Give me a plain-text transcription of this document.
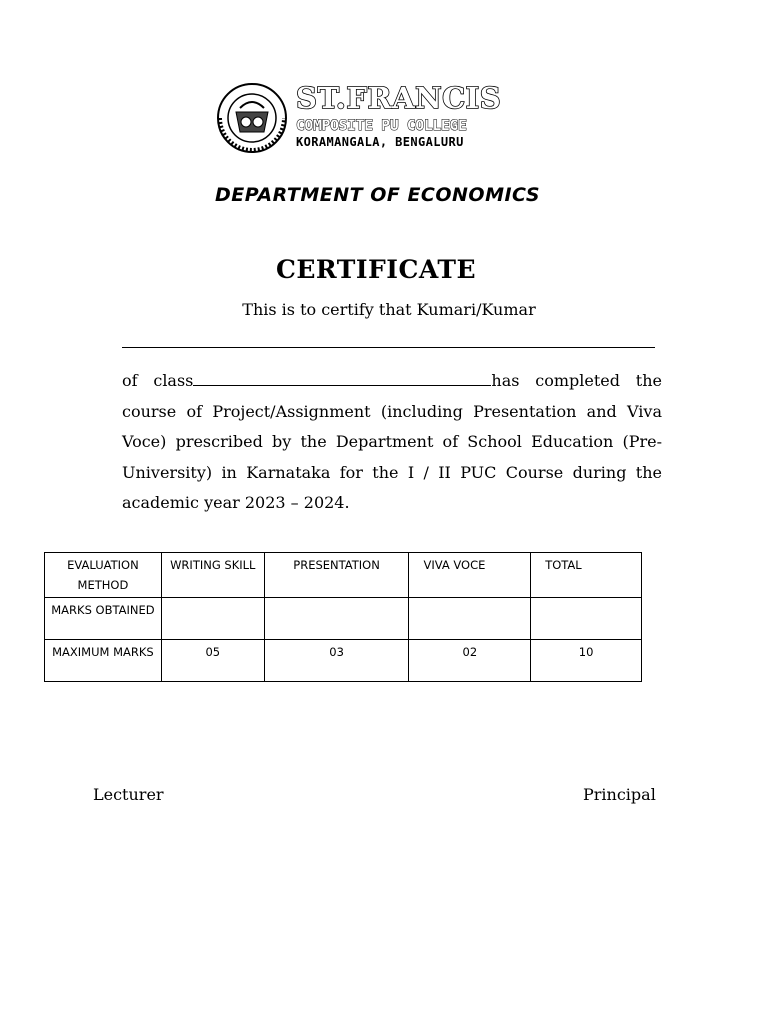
ST.FRANCIS
COMPOSITE PU COLLEGE
KORAMANGALA, BENGALURU
DEPARTMENT OF ECONOMICS
CERTIFICATE
This is to certify that Kumari/Kumar
of class	has completed the course of Project/Assignment (including Presentation and Viva Voce) prescribed by the Department of School Education (Pre- University) in Karnataka for the I / II PUC Course during the academic year 2023 – 2024.
EVALUATION METHOD	WRITING SKILL	PRESENTATION	VIVA VOCE	TOTAL
MARKS OBTAINED				
MAXIMUM MARKS	05	03	02	10
Lecturer	Principal
